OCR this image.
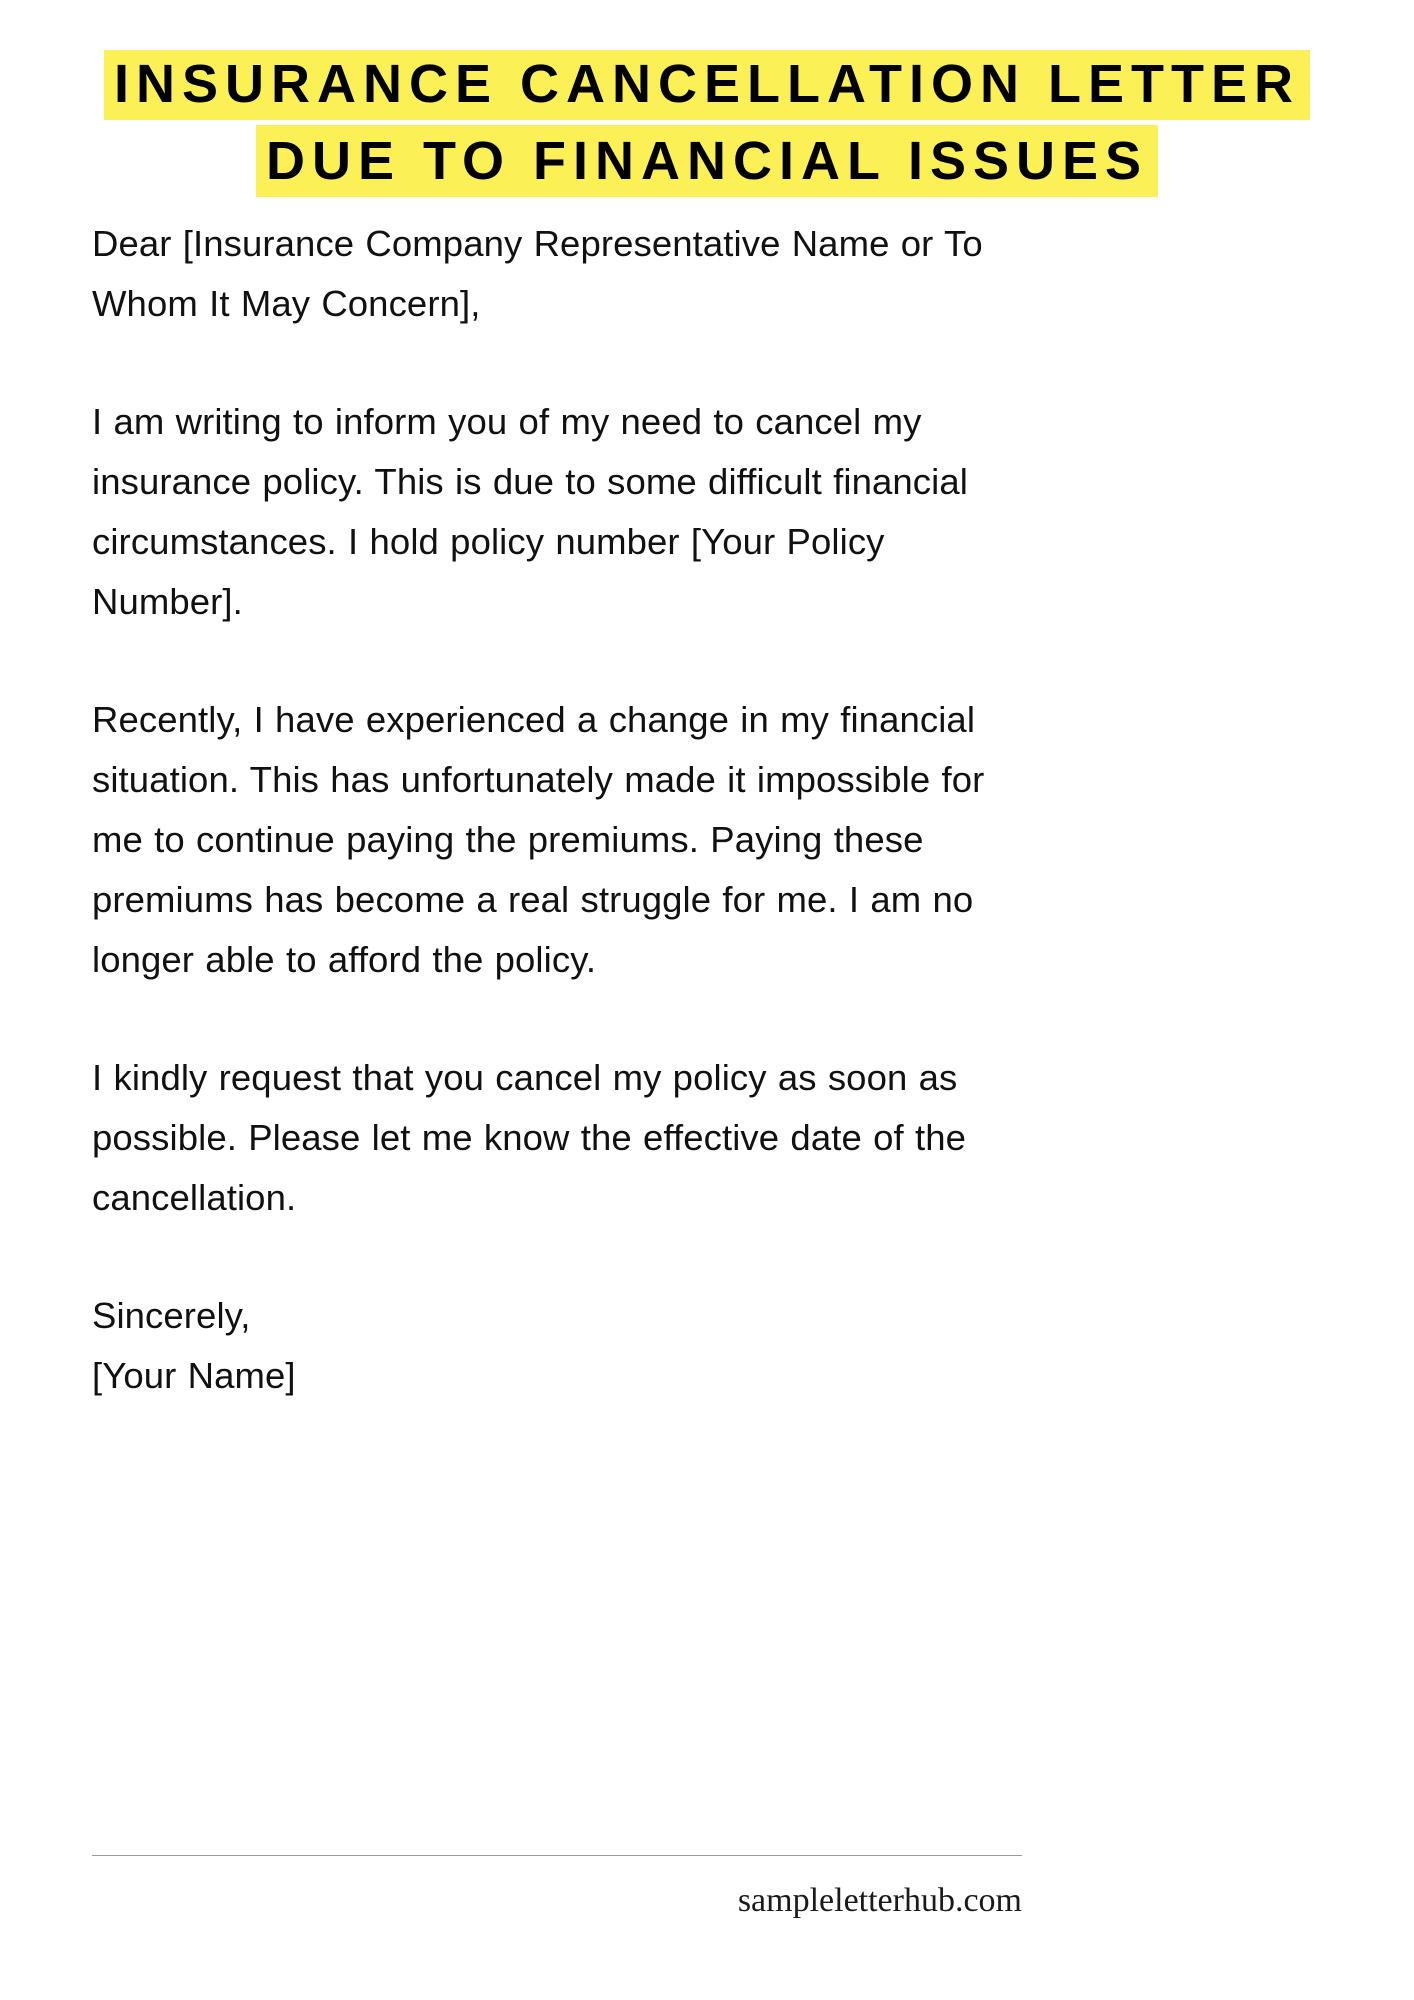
INSURANCE CANCELLATION LETTER
DUE TO FINANCIAL ISSUES

Dear [Insurance Company Representative Name or To Whom It May Concern],

I am writing to inform you of my need to cancel my insurance policy. This is due to some difficult financial circumstances. I hold policy number [Your Policy Number].

Recently, I have experienced a change in my financial situation. This has unfortunately made it impossible for me to continue paying the premiums. Paying these premiums has become a real struggle for me. I am no longer able to afford the policy.

I kindly request that you cancel my policy as soon as possible. Please let me know the effective date of the cancellation.

Sincerely,

[Your Name]

sampleletterhub.com
